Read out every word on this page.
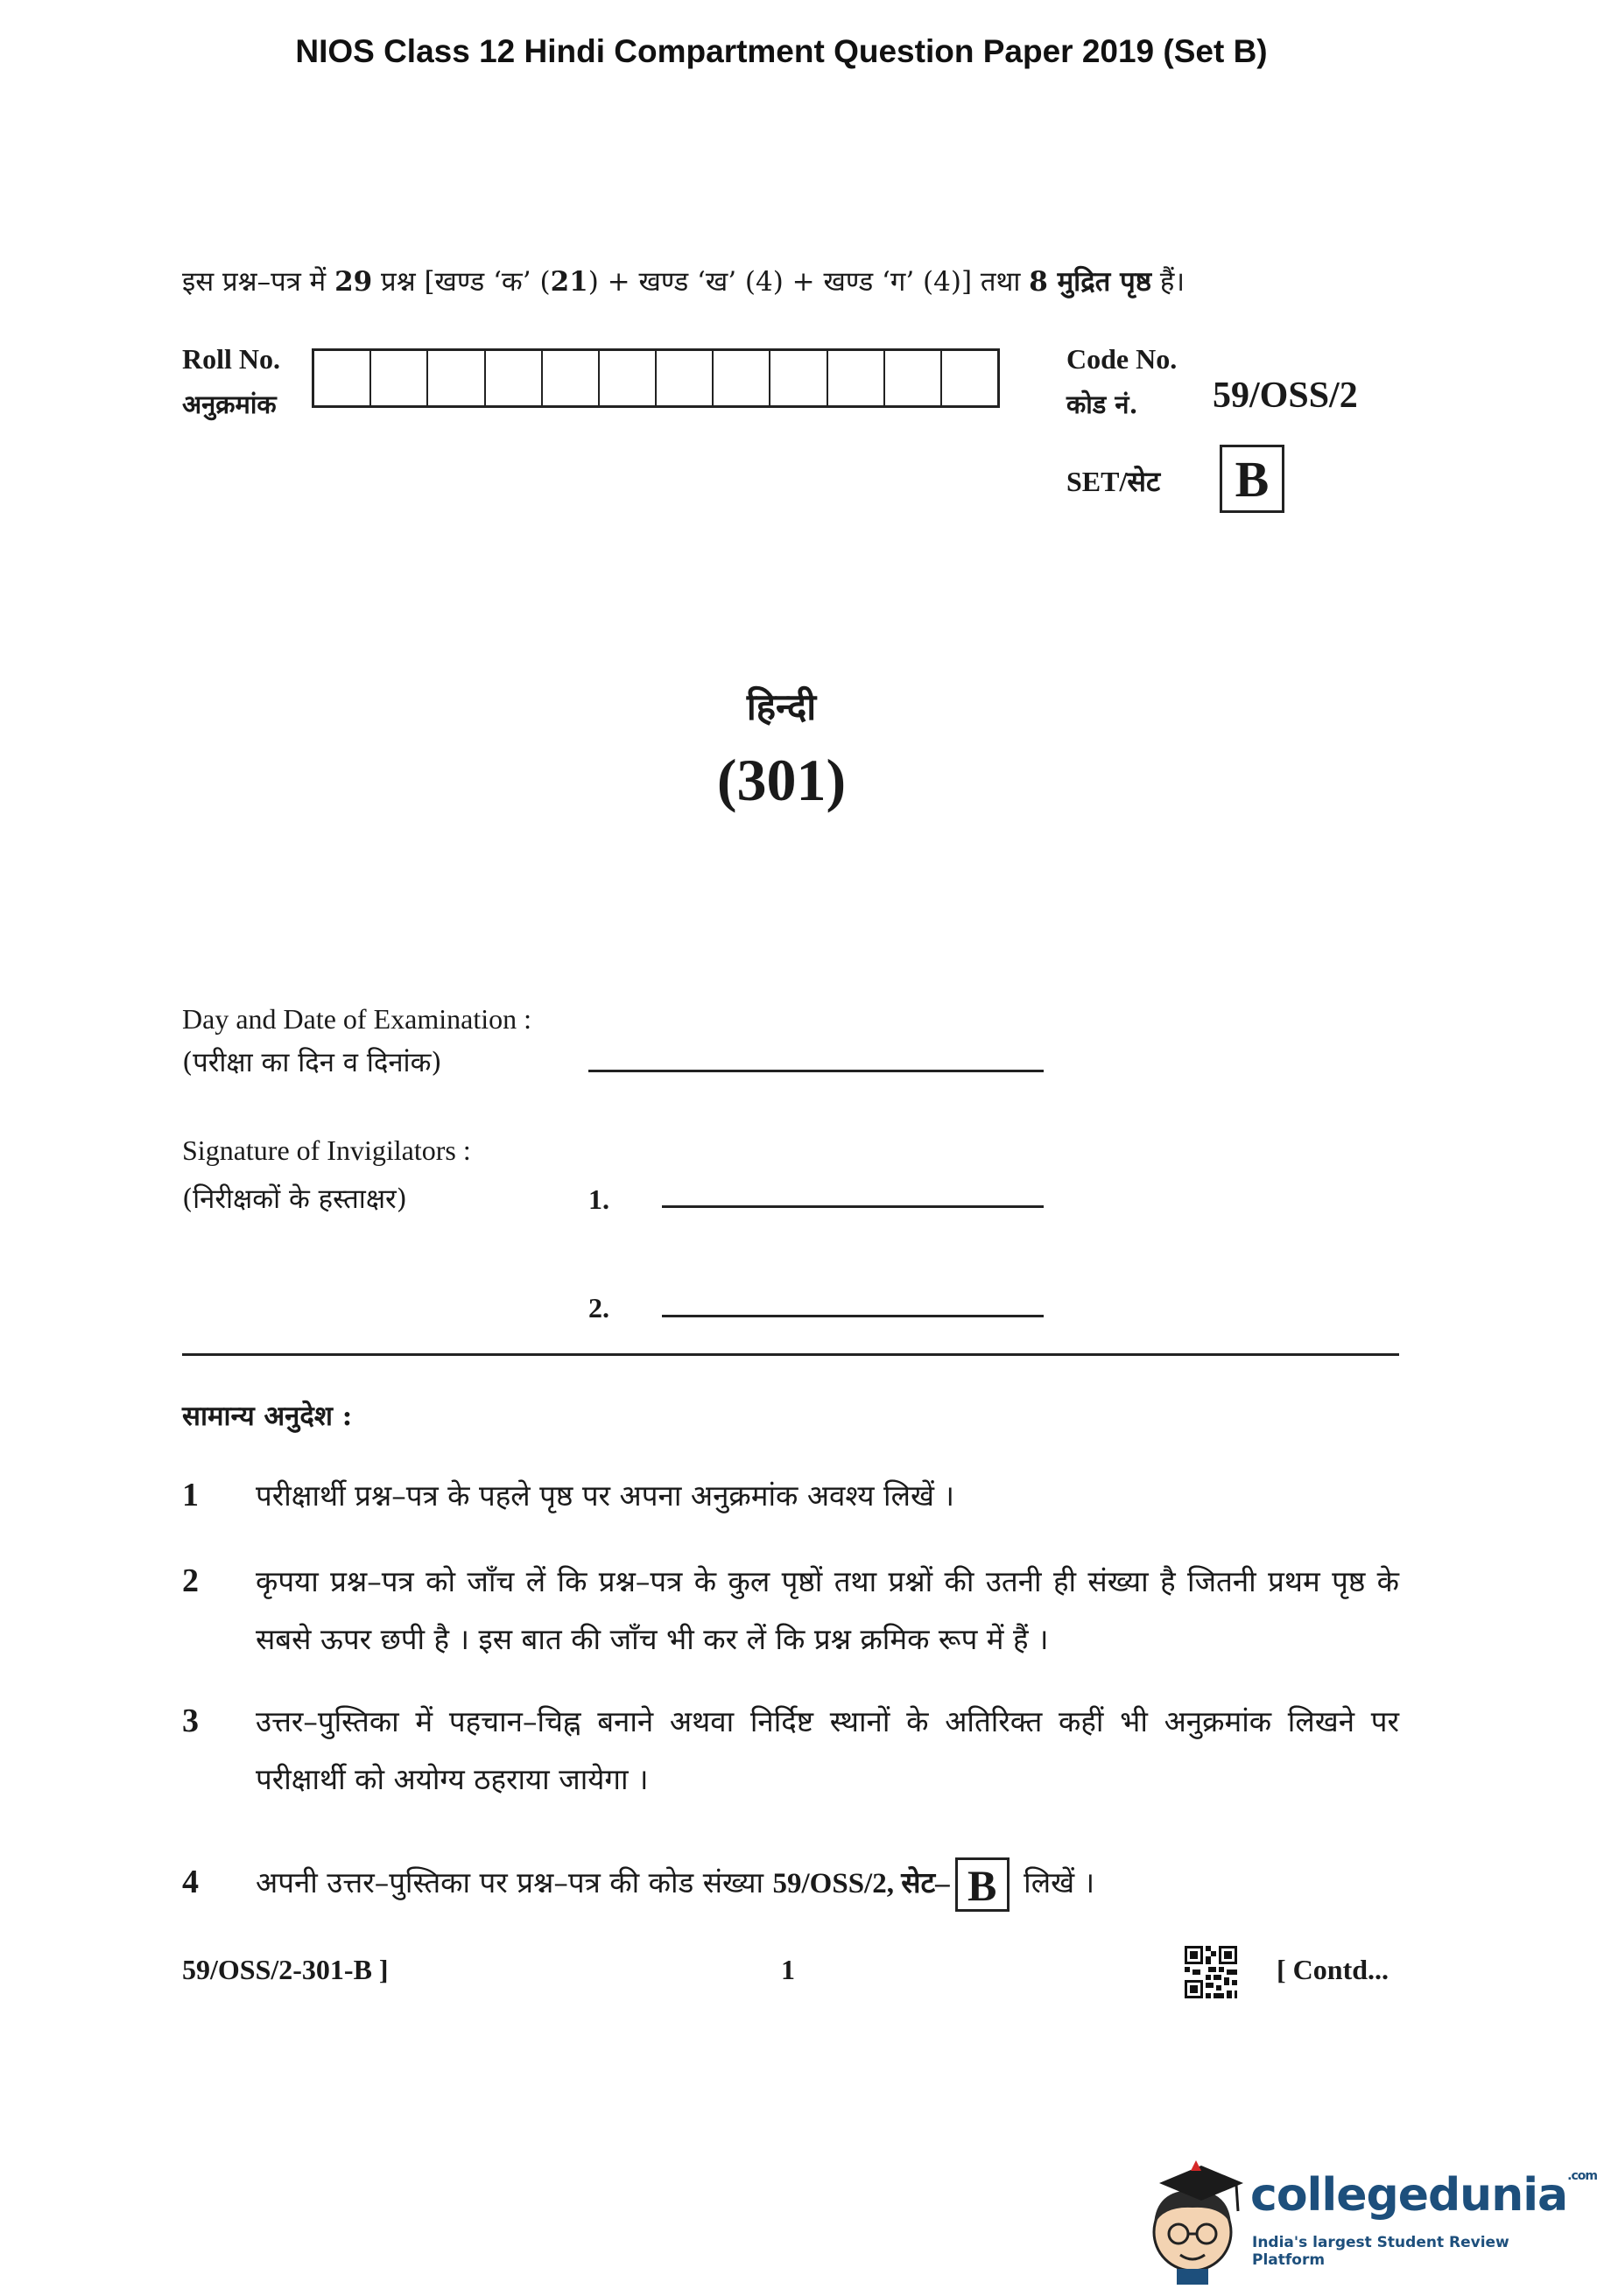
NIOS Class 12 Hindi Compartment Question Paper 2019 (Set B)
इस प्रश्न–पत्र में 29 प्रश्न [खण्ड ‘क’ (21) + खण्ड ‘ख’ (4) + खण्ड ‘ग’ (4)] तथा 8 मुद्रित पृष्ठ हैं।
Roll No.
अनुक्रमांक
Code No.
कोड नं. 59/OSS/2
SET/सेट	B
हिन्दी
(301)
Day and Date of Examination :
(परीक्षा का दिन व दिनांक)
Signature of Invigilators :
(निरीक्षकों के हस्ताक्षर)	1.
2.
सामान्य अनुदेश :
1 परीक्षार्थी प्रश्न–पत्र के पहले पृष्ठ पर अपना अनुक्रमांक अवश्य लिखें ।
2 कृपया प्रश्न–पत्र को जाँच लें कि प्रश्न–पत्र के कुल पृष्ठों तथा प्रश्नों की उतनी ही संख्या है जितनी प्रथम पृष्ठ के सबसे ऊपर छपी है । इस बात की जाँच भी कर लें कि प्रश्न क्रमिक रूप में हैं ।
3 उत्तर–पुस्तिका में पहचान–चिह्न बनाने अथवा निर्दिष्ट स्थानों के अतिरिक्त कहीं भी अनुक्रमांक लिखने पर परीक्षार्थी को अयोग्य ठहराया जायेगा ।
4 अपनी उत्तर–पुस्तिका पर प्रश्न–पत्र की कोड संख्या 59/OSS/2, सेट– B लिखें ।
59/OSS/2-301-B ]	1	[ Contd...
collegedunia$^{.com}$
India's largest Student Review Platform
